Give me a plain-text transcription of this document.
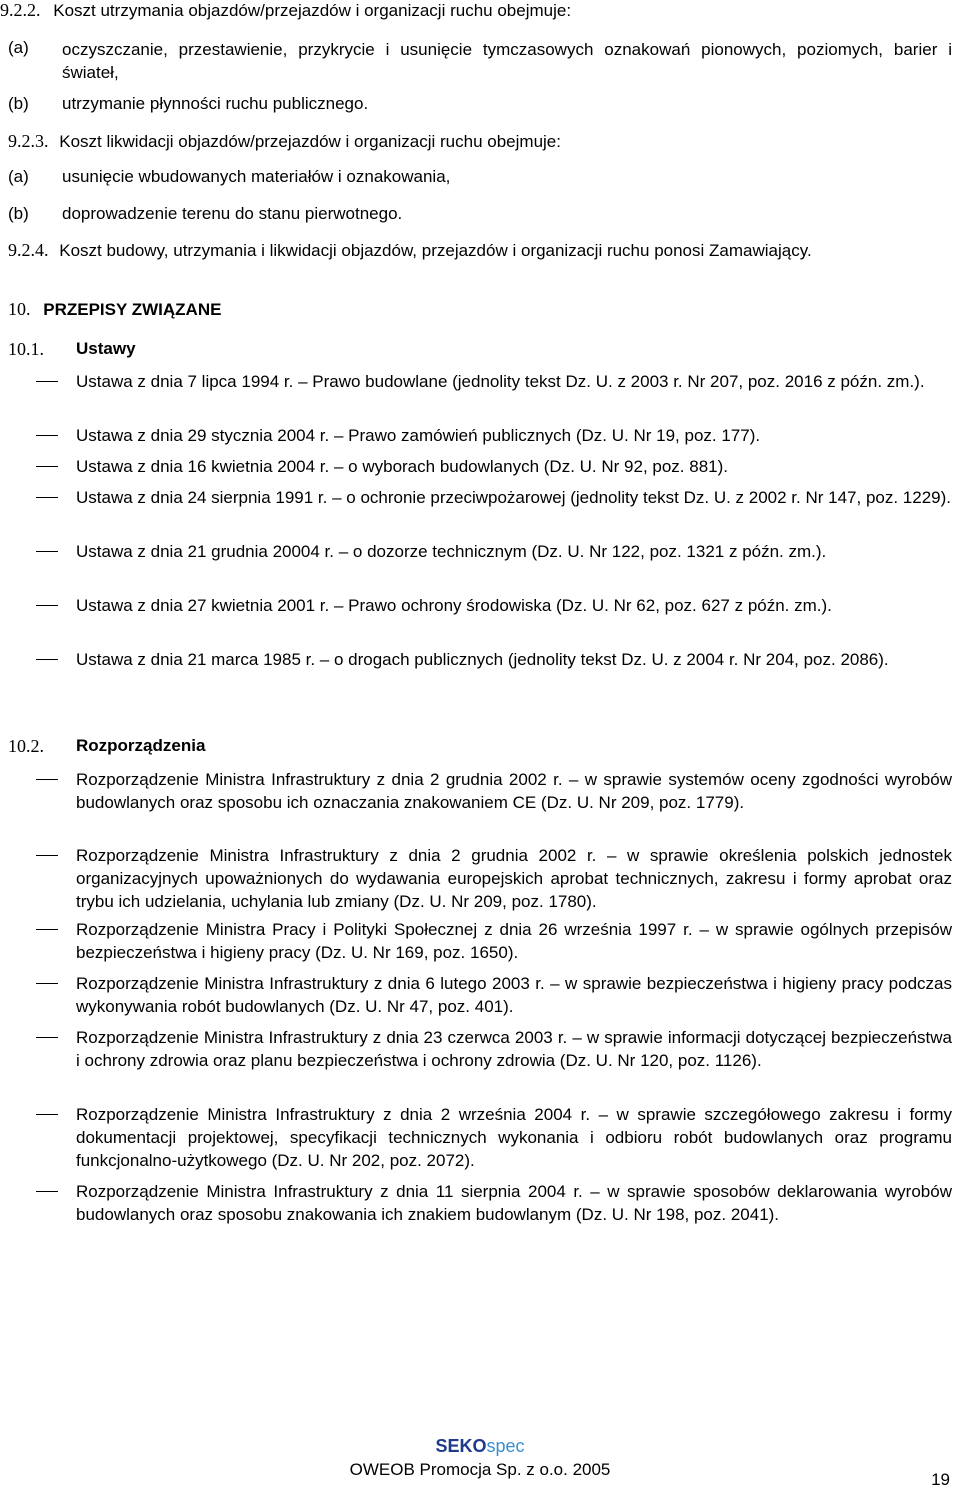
9.2.2. Koszt utrzymania objazdów/przejazdów i organizacji ruchu obejmuje:
(a) oczyszczanie, przestawienie, przykrycie i usunięcie tymczasowych oznakowań pionowych, poziomych, barier i świateł,
(b) utrzymanie płynności ruchu publicznego.
9.2.3. Koszt likwidacji objazdów/przejazdów i organizacji ruchu obejmuje:
(a) usunięcie wbudowanych materiałów i oznakowania,
(b) doprowadzenie terenu do stanu pierwotnego.
9.2.4. Koszt budowy, utrzymania i likwidacji objazdów, przejazdów i organizacji ruchu ponosi Zamawiający.
10. PRZEPISY ZWIĄZANE
10.1. Ustawy
Ustawa z dnia 7 lipca 1994 r. – Prawo budowlane (jednolity tekst Dz. U. z 2003 r. Nr 207, poz. 2016 z późn. zm.).
Ustawa z dnia 29 stycznia 2004 r. – Prawo zamówień publicznych (Dz. U. Nr 19, poz. 177).
Ustawa z dnia 16 kwietnia 2004 r. – o wyborach budowlanych (Dz. U. Nr 92, poz. 881).
Ustawa z dnia 24 sierpnia 1991 r. – o ochronie przeciwpożarowej (jednolity tekst Dz. U. z 2002 r. Nr 147, poz. 1229).
Ustawa z dnia 21 grudnia 20004 r. – o dozorze technicznym (Dz. U. Nr 122, poz. 1321 z późn. zm.).
Ustawa z dnia 27 kwietnia 2001 r. – Prawo ochrony środowiska (Dz. U. Nr 62, poz. 627 z późn. zm.).
Ustawa z dnia 21 marca 1985 r. – o drogach publicznych (jednolity tekst Dz. U. z 2004 r. Nr 204, poz. 2086).
10.2. Rozporządzenia
Rozporządzenie Ministra Infrastruktury z dnia 2 grudnia 2002 r. – w sprawie systemów oceny zgodności wyrobów budowlanych oraz sposobu ich oznaczania znakowaniem CE (Dz. U. Nr 209, poz. 1779).
Rozporządzenie Ministra Infrastruktury z dnia 2 grudnia 2002 r. – w sprawie określenia polskich jednostek organizacyjnych upoważnionych do wydawania europejskich aprobat technicznych, zakresu i formy aprobat oraz trybu ich udzielania, uchylania lub zmiany (Dz. U. Nr 209, poz. 1780).
Rozporządzenie Ministra Pracy i Polityki Społecznej z dnia 26 września 1997 r. – w sprawie ogólnych przepisów bezpieczeństwa i higieny pracy (Dz. U. Nr 169, poz. 1650).
Rozporządzenie Ministra Infrastruktury z dnia 6 lutego 2003 r. – w sprawie bezpieczeństwa i higieny pracy podczas wykonywania robót budowlanych (Dz. U. Nr 47, poz. 401).
Rozporządzenie Ministra Infrastruktury z dnia 23 czerwca 2003 r. – w sprawie informacji dotyczącej bezpieczeństwa i ochrony zdrowia oraz planu bezpieczeństwa i ochrony zdrowia (Dz. U. Nr 120, poz. 1126).
Rozporządzenie Ministra Infrastruktury z dnia 2 września 2004 r. – w sprawie szczegółowego zakresu i formy dokumentacji projektowej, specyfikacji technicznych wykonania i odbioru robót budowlanych oraz programu funkcjonalno-użytkowego (Dz. U. Nr 202, poz. 2072).
Rozporządzenie Ministra Infrastruktury z dnia 11 sierpnia 2004 r. – w sprawie sposobów deklarowania wyrobów budowlanych oraz sposobu znakowania ich znakiem budowlanym (Dz. U. Nr 198, poz. 2041).
SEKOspec
OWEOB Promocja Sp. z o.o. 2005
19
